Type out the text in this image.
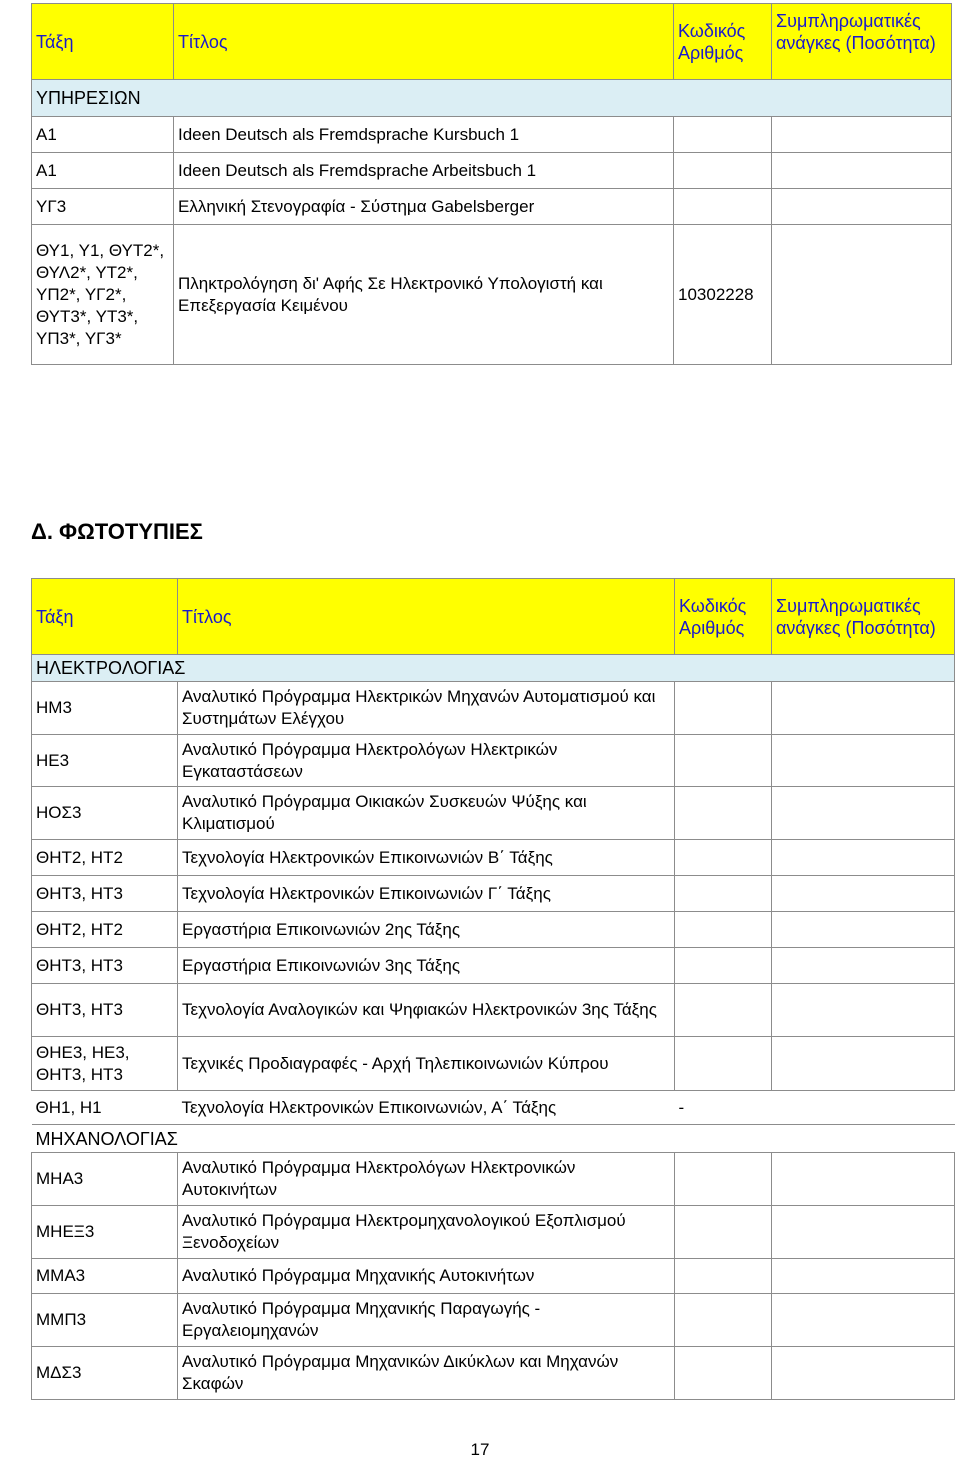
Τάξη	Τίτλος	Κωδικός Αριθμός	Συμπληρωματικές ανάγκες (Ποσότητα)
ΥΠΗΡΕΣΙΩΝ			
Α1	Ideen Deutsch als Fremdsprache Kursbuch 1		
Α1	Ideen Deutsch als Fremdsprache Arbeitsbuch 1		
ΥΓ3	Ελληνική Στενογραφία - Σύστημα Gabelsberger		
ΘΥ1, Υ1, ΘΥΤ2*, ΘΥΛ2*, ΥΤ2*, ΥΠ2*, ΥΓ2*, ΘΥΤ3*, ΥΤ3*, ΥΠ3*, ΥΓ3*	Πληκτρολόγηση δι' Αφής Σε Ηλεκτρονικό Υπολογιστή και Επεξεργασία Κειμένου	10302228	
Δ. ΦΩΤΟΤΥΠΙΕΣ
Τάξη	Τίτλος	Κωδικός Αριθμός	Συμπληρωματικές ανάγκες (Ποσότητα)
ΗΛΕΚΤΡΟΛΟΓΙΑΣ			
ΗΜ3	Αναλυτικό Πρόγραμμα Ηλεκτρικών Μηχανών Αυτοματισμού και Συστημάτων Ελέγχου		
ΗΕ3	Αναλυτικό Πρόγραμμα Ηλεκτρολόγων Ηλεκτρικών Εγκαταστάσεων		
ΗΟΣ3	Αναλυτικό Πρόγραμμα Οικιακών Συσκευών Ψύξης και Κλιματισμού		
ΘΗΤ2, ΗΤ2	Τεχνολογία Ηλεκτρονικών Επικοινωνιών Β΄ Τάξης		
ΘΗΤ3, ΗΤ3	Τεχνολογία Ηλεκτρονικών Επικοινωνιών Γ΄ Τάξης		
ΘΗΤ2, ΗΤ2	Εργαστήρια Επικοινωνιών 2ης Τάξης		
ΘΗΤ3, ΗΤ3	Εργαστήρια Επικοινωνιών 3ης Τάξης		
ΘΗΤ3, ΗΤ3	Τεχνολογία Αναλογικών και Ψηφιακών Ηλεκτρονικών 3ης Τάξης		
ΘΗΕ3, ΗΕ3, ΘΗΤ3, ΗΤ3	Τεχνικές Προδιαγραφές - Αρχή Τηλεπικοινωνιών Κύπρου		
ΘΗ1, Η1	Τεχνολογία Ηλεκτρονικών Επικοινωνιών, Α΄ Τάξης	-	
ΜΗΧΑΝΟΛΟΓΙΑΣ			
ΜΗΑ3	Αναλυτικό Πρόγραμμα Ηλεκτρολόγων Ηλεκτρονικών Αυτοκινήτων		
ΜΗΕΞ3	Αναλυτικό Πρόγραμμα Ηλεκτρομηχανολογικού Εξοπλισμού Ξενοδοχείων		
ΜΜΑ3	Αναλυτικό Πρόγραμμα Μηχανικής Αυτοκινήτων		
ΜΜΠ3	Αναλυτικό Πρόγραμμα Μηχανικής Παραγωγής - Εργαλειομηχανών		
ΜΔΣ3	Αναλυτικό Πρόγραμμα Μηχανικών Δικύκλων και Μηχανών Σκαφών		
17
